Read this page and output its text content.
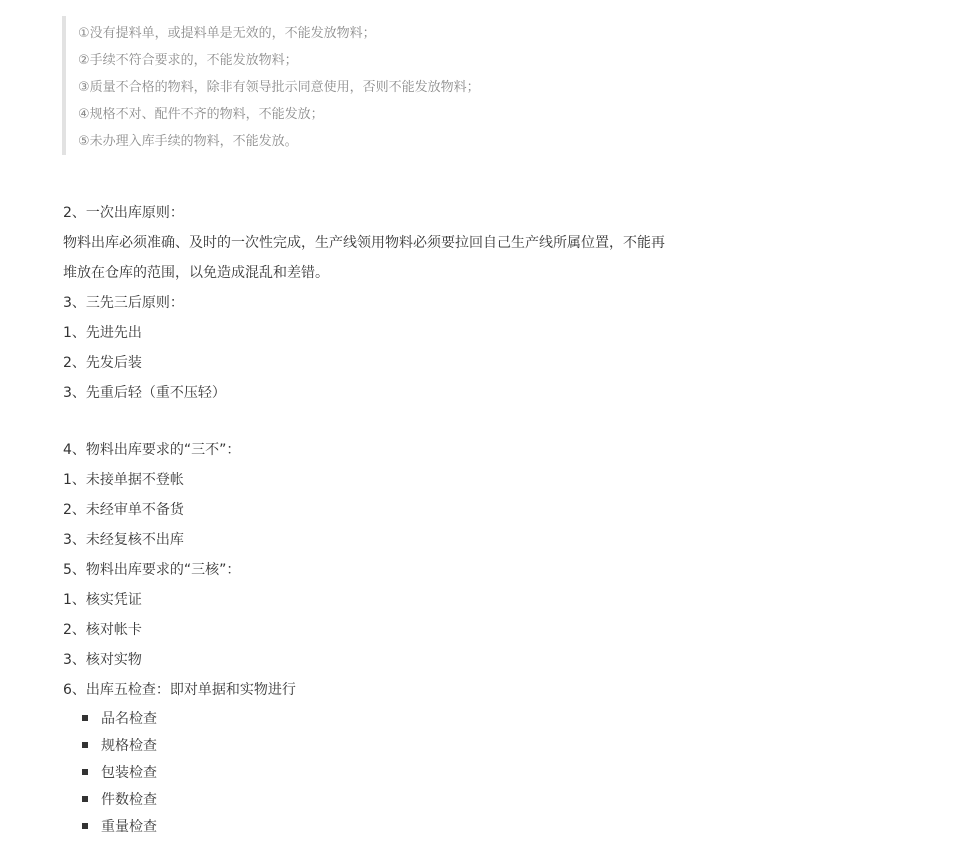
①没有提料单，或提料单是无效的，不能发放物料；
②手续不符合要求的，不能发放物料；
③质量不合格的物料，除非有领导批示同意使用，否则不能发放物料；
④规格不对、配件不齐的物料，不能发放；
⑤未办理入库手续的物料，不能发放。
2、一次出库原则：
物料出库必须准确、及时的一次性完成，生产线领用物料必须要拉回自己生产线所属位置，不能再
堆放在仓库的范围，以免造成混乱和差错。
3、三先三后原则：
1、先进先出
2、先发后装
3、先重后轻（重不压轻）
4、物料出库要求的“三不”：
1、未接单据不登帐
2、未经审单不备货
3、未经复核不出库
5、物料出库要求的“三核”：
1、核实凭证
2、核对帐卡
3、核对实物
6、出库五检查：即对单据和实物进行
品名检查
规格检查
包装检查
件数检查
重量检查
